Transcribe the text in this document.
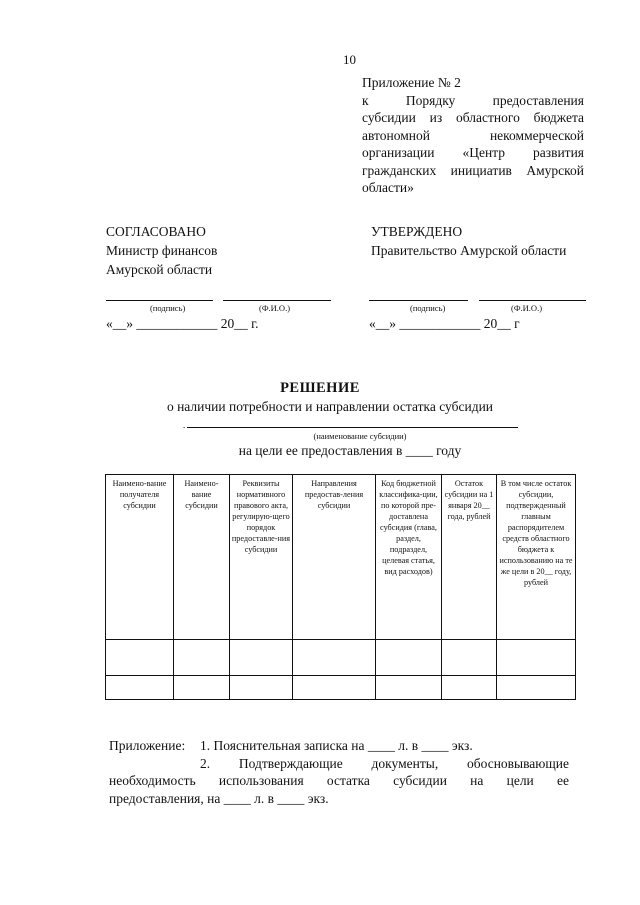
10
Приложение № 2
к Порядку предоставления
субсидии из областного бюджета
автономной некоммерческой
организации «Центр развития
гражданских инициатив Амурской
области»
СОГЛАСОВАНО
Министр финансов
Амурской области
(подпись)	(Ф.И.О.)
«__» ____________ 20__ г.
УТВЕРЖДЕНО
Правительство Амурской области
(подпись)	(Ф.И.О.)
«__» ____________ 20__ г
РЕШЕНИЕ
о наличии потребности и направлении остатка субсидии
.
(наименование субсидии)
на цели ее предоставления в ____ году
Наимено-вание получателя субсидии	Наимено-вание субсидии	Реквизиты нормативного правового акта, регулирую-щего порядок предоставле-ния субсидии	Направления предостав-ления субсидии	Код бюджетной классифика-ции, по которой пре-доставлена субсидия (глава, раздел, подраздел, целевая статья, вид расходов)	Остаток субсидии на 1 января 20__ года, рублей	В том числе остаток субсидии, подтвержденный главным распорядителем средств областного бюджета к использованию на те же цели в 20__ году, рублей

Приложение:	1. Пояснительная записка на ____ л. в ____ экз.
2. Подтверждающие документы, обосновывающие
необходимость использования остатка субсидии на цели ее
предоставления, на ____ л. в ____ экз.
